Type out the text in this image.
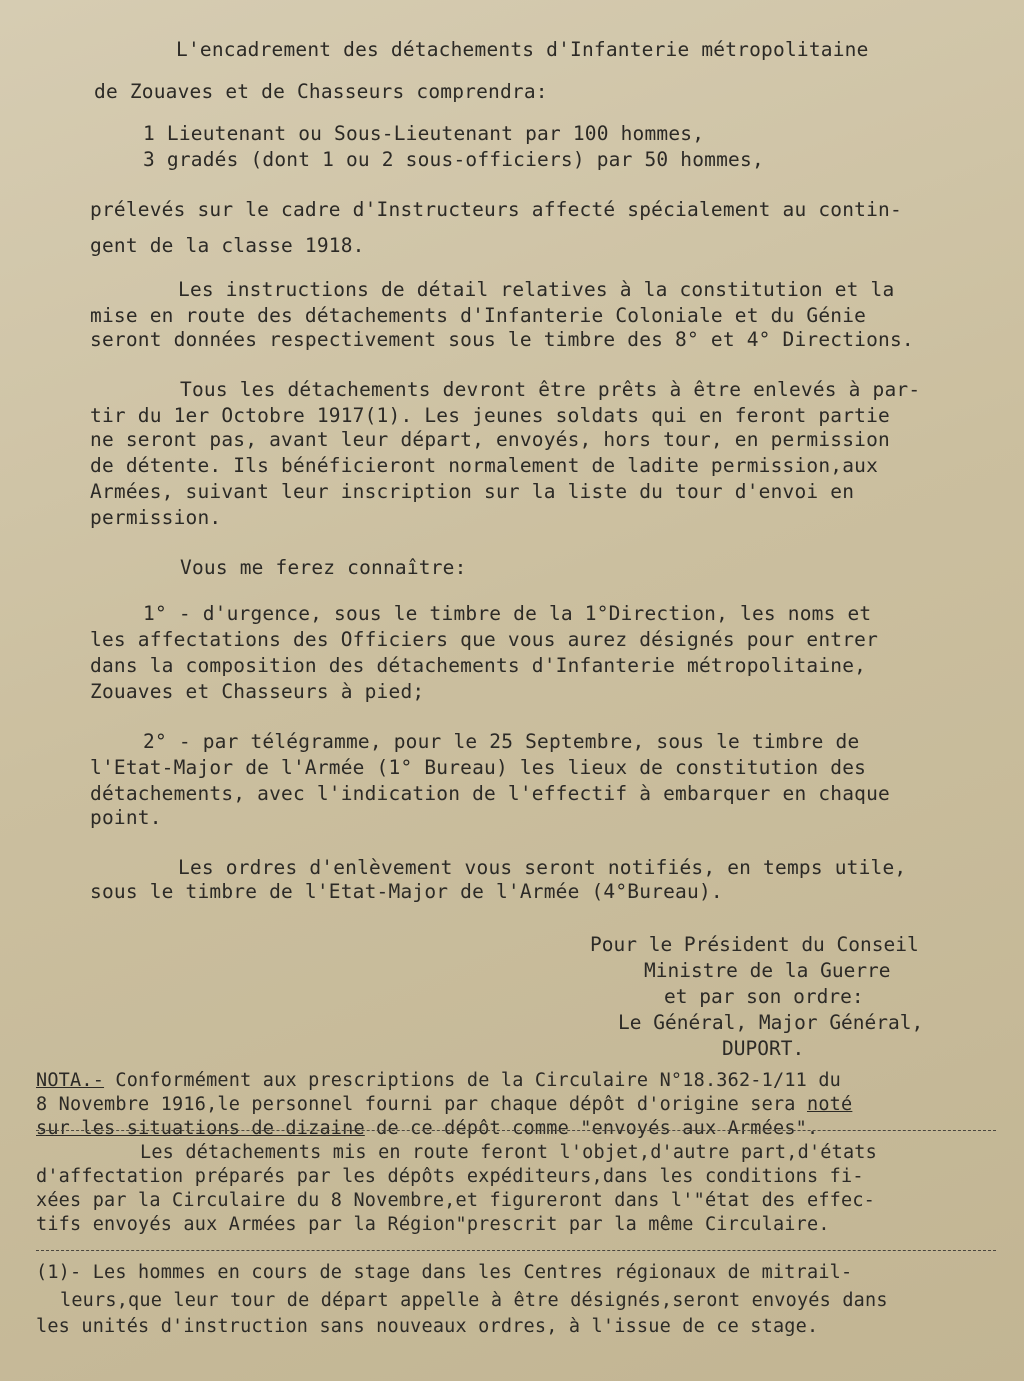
L'encadrement des détachements d'Infanterie métropolitaine
de Zouaves et de Chasseurs comprendra:
1 Lieutenant ou Sous-Lieutenant par 100 hommes,
3 gradés (dont 1 ou 2 sous-officiers) par 50 hommes,
prélevés sur le cadre d'Instructeurs affecté spécialement au contin-
gent de la classe 1918.
Les instructions de détail relatives à la constitution et la
mise en route des détachements d'Infanterie Coloniale et du Génie
seront données respectivement sous le timbre des 8° et 4° Directions.
Tous les détachements devront être prêts à être enlevés à par-
tir du 1er Octobre 1917(1). Les jeunes soldats qui en feront partie
ne seront pas, avant leur départ, envoyés, hors tour, en permission
de détente. Ils bénéficieront normalement de ladite permission,aux
Armées, suivant leur inscription sur la liste du tour d'envoi en
permission.
Vous me ferez connaître:
1° - d'urgence, sous le timbre de la 1°Direction, les noms et
les affectations des Officiers que vous aurez désignés pour entrer
dans la composition des détachements d'Infanterie métropolitaine,
Zouaves et Chasseurs à pied;
2° - par télégramme, pour le 25 Septembre, sous le timbre de
l'Etat-Major de l'Armée (1° Bureau) les lieux de constitution des
détachements, avec l'indication de l'effectif à embarquer en chaque
point.
Les ordres d'enlèvement vous seront notifiés, en temps utile,
sous le timbre de l'Etat-Major de l'Armée (4°Bureau).
Pour le Président du Conseil
Ministre de la Guerre
et par son ordre:
Le Général, Major Général,
DUPORT.
NOTA.- Conformément aux prescriptions de la Circulaire N°18.362-1/11 du
8 Novembre 1916,le personnel fourni par chaque dépôt d'origine sera noté
sur les situations de dizaine de ce dépôt comme "envoyés aux Armées".
Les détachements mis en route feront l'objet,d'autre part,d'états
d'affectation préparés par les dépôts expéditeurs,dans les conditions fi-
xées par la Circulaire du 8 Novembre,et figureront dans l'"état des effec-
tifs envoyés aux Armées par la Région"prescrit par la même Circulaire.
(1)- Les hommes en cours de stage dans les Centres régionaux de mitrail-
leurs,que leur tour de départ appelle à être désignés,seront envoyés dans
les unités d'instruction sans nouveaux ordres, à l'issue de ce stage.
